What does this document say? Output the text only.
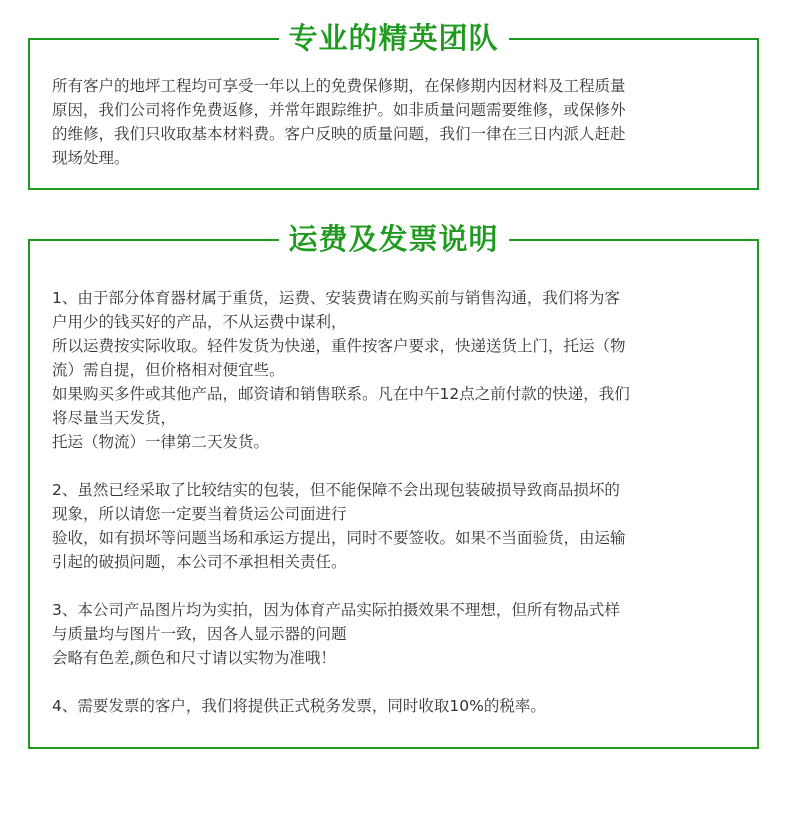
专业的精英团队
所有客户的地坪工程均可享受一年以上的免费保修期，在保修期内因材料及工程质量
原因，我们公司将作免费返修，并常年跟踪维护。如非质量问题需要维修，或保修外
的维修，我们只收取基本材料费。客户反映的质量问题，我们一律在三日内派人赶赴
现场处理。
运费及发票说明
1、由于部分体育器材属于重货，运费、安装费请在购买前与销售沟通，我们将为客
户用少的钱买好的产品，不从运费中谋利，
所以运费按实际收取。轻件发货为快递，重件按客户要求，快递送货上门，托运（物
流）需自提，但价格相对便宜些。
如果购买多件或其他产品，邮资请和销售联系。凡在中午12点之前付款的快递，我们
将尽量当天发货，
托运（物流）一律第二天发货。
2、虽然已经采取了比较结实的包装，但不能保障不会出现包装破损导致商品损坏的
现象，所以请您一定要当着货运公司面进行
验收，如有损坏等问题当场和承运方提出，同时不要签收。如果不当面验货，由运输
引起的破损问题，本公司不承担相关责任。
3、本公司产品图片均为实拍，因为体育产品实际拍摄效果不理想，但所有物品式样
与质量均与图片一致，因各人显示器的问题
会略有色差,颜色和尺寸请以实物为准哦！
4、需要发票的客户，我们将提供正式税务发票，同时收取10%的税率。
